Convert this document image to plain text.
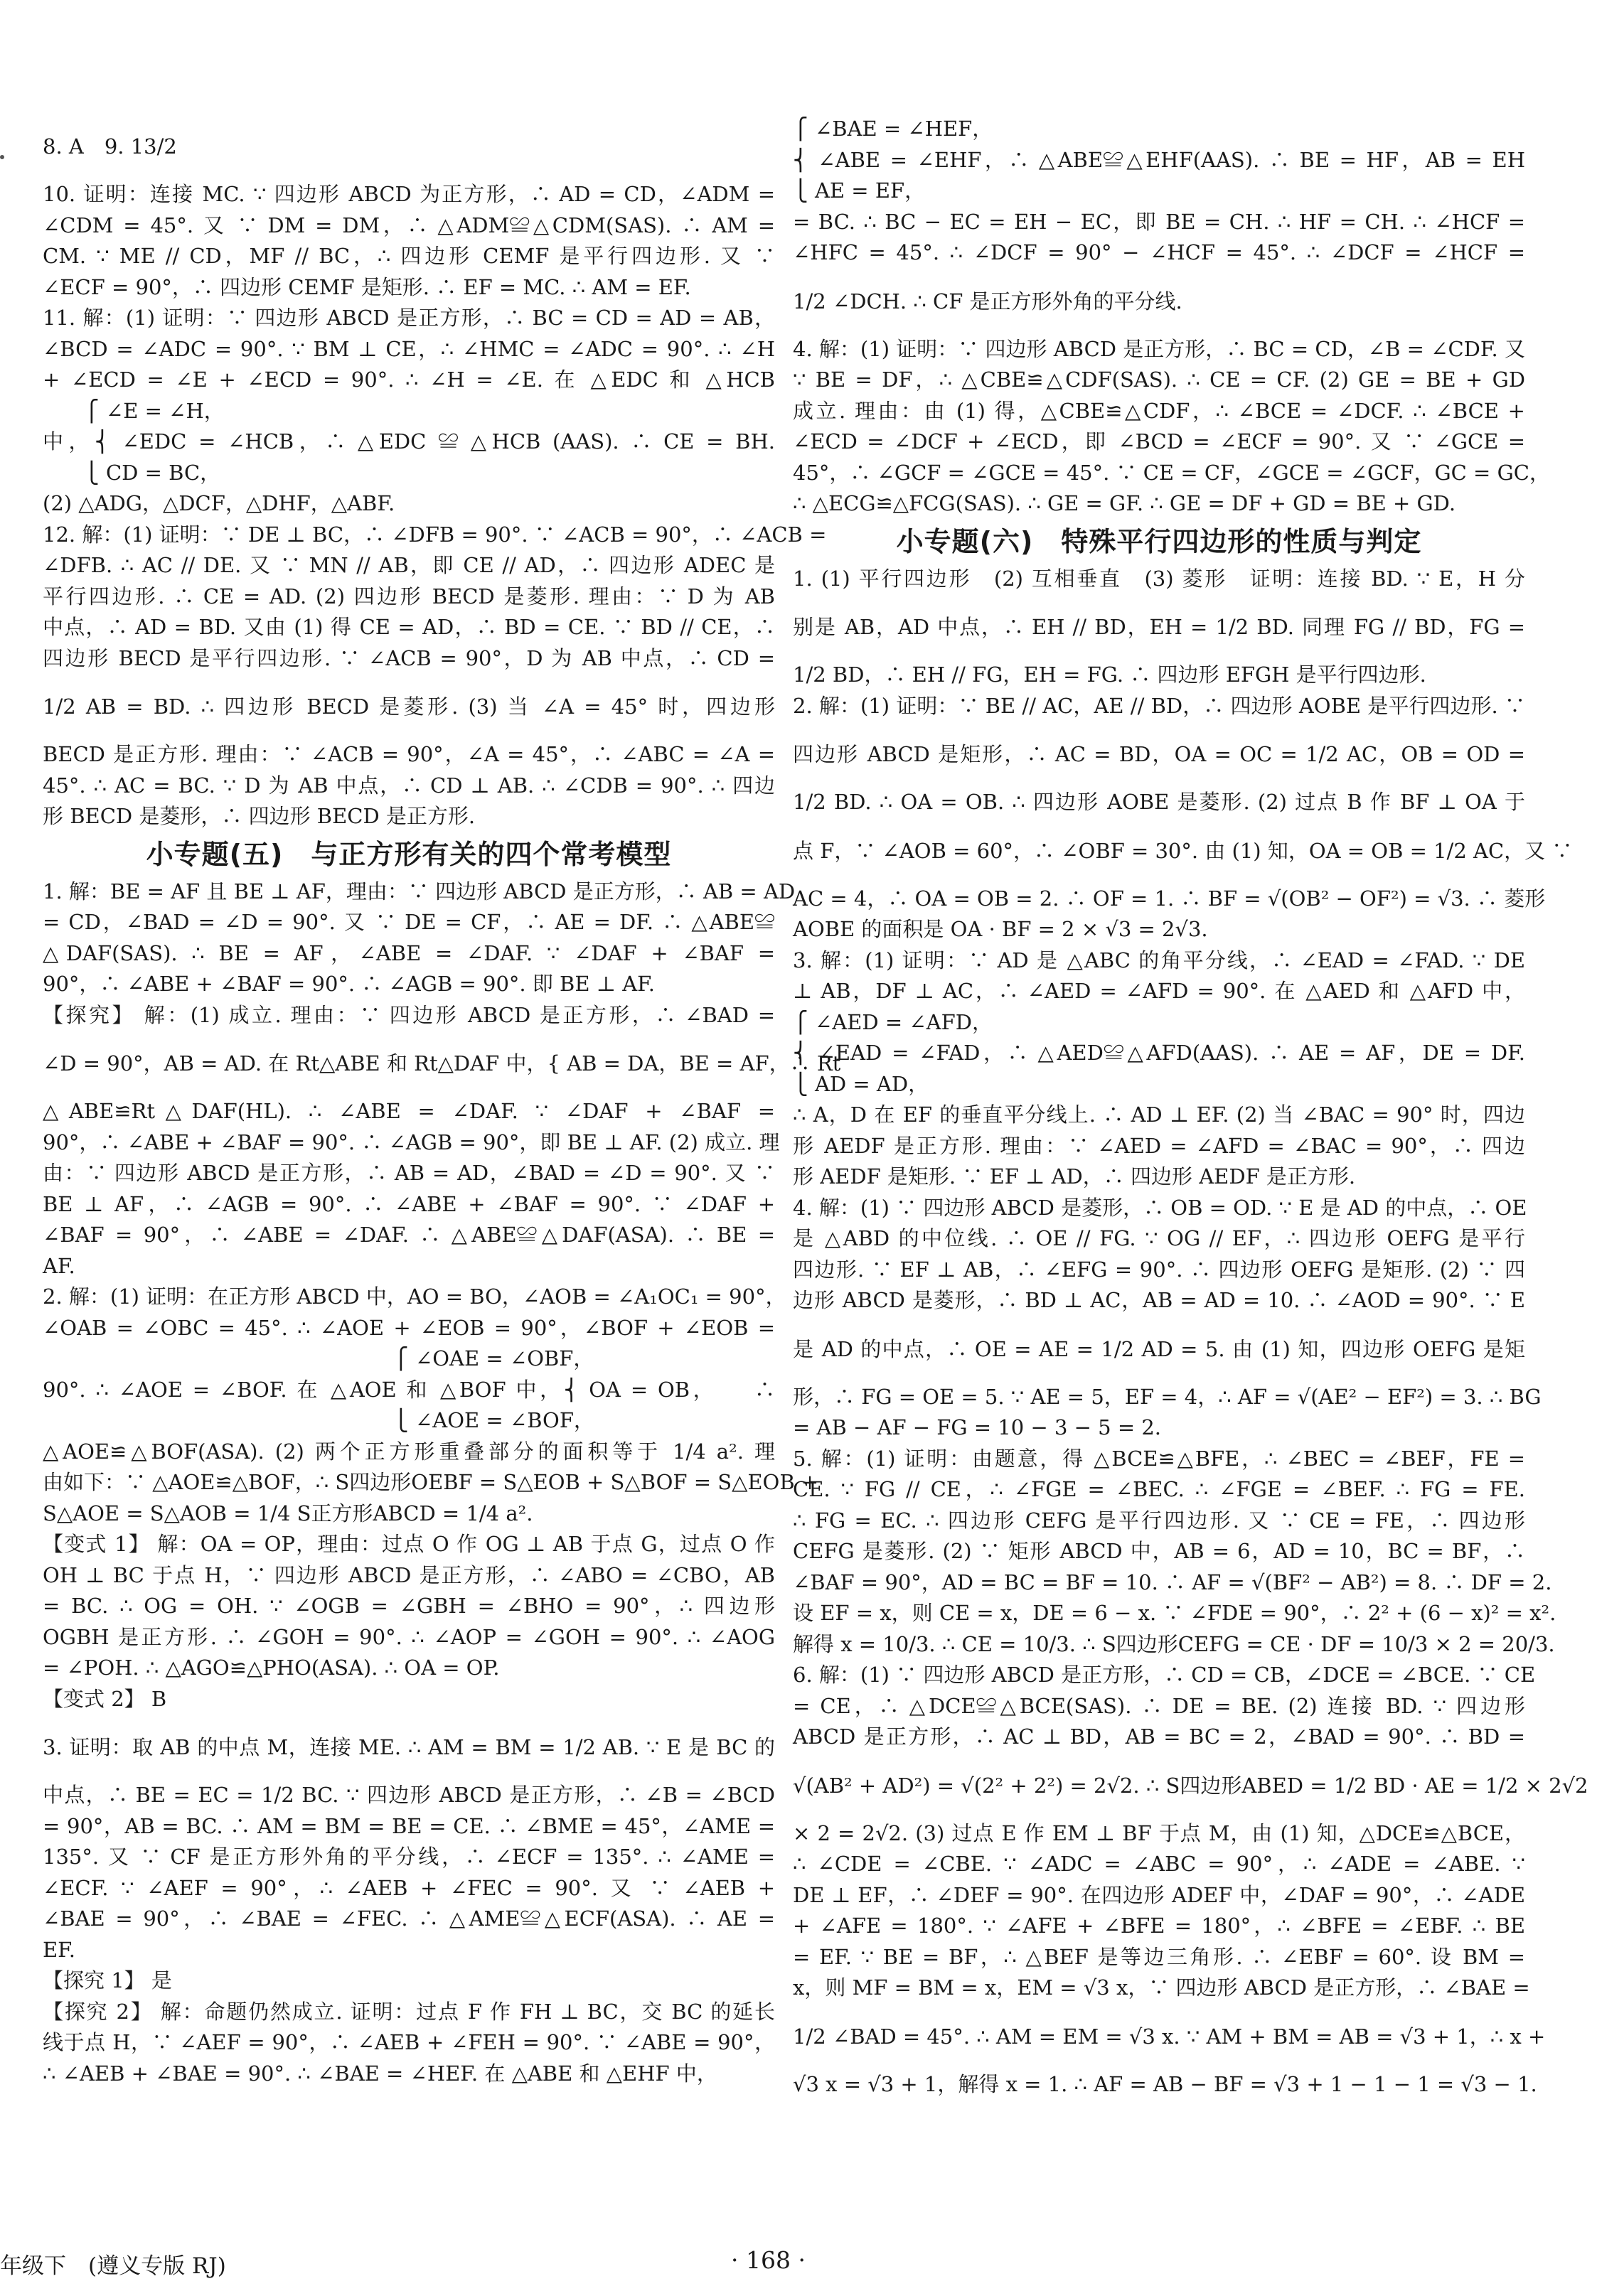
8. A　9. 13/2
10. 证明：连接 MC. ∵ 四边形 ABCD 为正方形，∴ AD = CD，∠ADM =
∠CDM = 45°. 又 ∵ DM = DM，∴ △ADM≌△CDM(SAS). ∴ AM =
CM. ∵ ME // CD，MF // BC，∴ 四边形 CEMF 是平行四边形. 又 ∵
∠ECF = 90°，∴ 四边形 CEMF 是矩形. ∴ EF = MC. ∴ AM = EF.
11. 解：(1) 证明：∵ 四边形 ABCD 是正方形，∴ BC = CD = AD = AB，
∠BCD = ∠ADC = 90°. ∵ BM ⊥ CE，∴ ∠HMC = ∠ADC = 90°. ∴ ∠H
+ ∠ECD = ∠E + ∠ECD = 90°. ∴ ∠H = ∠E. 在 △EDC 和 △HCB
　　⎧ ∠E = ∠H，
中，⎨ ∠EDC = ∠HCB，∴ △EDC ≌ △HCB (AAS). ∴ CE = BH.
　　⎩ CD = BC，
(2) △ADG，△DCF，△DHF，△ABF.
12. 解：(1) 证明：∵ DE ⊥ BC，∴ ∠DFB = 90°. ∵ ∠ACB = 90°，∴ ∠ACB =
∠DFB. ∴ AC // DE. 又 ∵ MN // AB，即 CE // AD，∴ 四边形 ADEC 是
平行四边形. ∴ CE = AD. (2) 四边形 BECD 是菱形. 理由：∵ D 为 AB
中点，∴ AD = BD. 又由 (1) 得 CE = AD，∴ BD = CE. ∵ BD // CE，∴
四边形 BECD 是平行四边形. ∵ ∠ACB = 90°，D 为 AB 中点，∴ CD =
1/2 AB = BD. ∴ 四边形 BECD 是菱形. (3) 当 ∠A = 45° 时，四边形
BECD 是正方形. 理由：∵ ∠ACB = 90°，∠A = 45°，∴ ∠ABC = ∠A =
45°. ∴ AC = BC. ∵ D 为 AB 中点，∴ CD ⊥ AB. ∴ ∠CDB = 90°. ∴ 四边
形 BECD 是菱形，∴ 四边形 BECD 是正方形.
小专题(五)　与正方形有关的四个常考模型
1. 解：BE = AF 且 BE ⊥ AF，理由：∵ 四边形 ABCD 是正方形，∴ AB = AD
= CD，∠BAD = ∠D = 90°. 又 ∵ DE = CF，∴ AE = DF. ∴ △ABE≌
△DAF(SAS). ∴ BE = AF，∠ABE = ∠DAF. ∵ ∠DAF + ∠BAF =
90°，∴ ∠ABE + ∠BAF = 90°. ∴ ∠AGB = 90°. 即 BE ⊥ AF.
【探究】 解：(1) 成立. 理由：∵ 四边形 ABCD 是正方形，∴ ∠BAD =
∠D = 90°，AB = AD. 在 Rt△ABE 和 Rt△DAF 中，{ AB = DA，BE = AF，∴ Rt
△ABE≌Rt△DAF(HL). ∴ ∠ABE = ∠DAF. ∵ ∠DAF + ∠BAF =
90°，∴ ∠ABE + ∠BAF = 90°. ∴ ∠AGB = 90°，即 BE ⊥ AF. (2) 成立. 理
由：∵ 四边形 ABCD 是正方形，∴ AB = AD，∠BAD = ∠D = 90°. 又 ∵
BE ⊥ AF，∴ ∠AGB = 90°. ∴ ∠ABE + ∠BAF = 90°. ∵ ∠DAF +
∠BAF = 90°，∴ ∠ABE = ∠DAF. ∴ △ABE≌△DAF(ASA). ∴ BE =
AF.
2. 解：(1) 证明：在正方形 ABCD 中，AO = BO，∠AOB = ∠A₁OC₁ = 90°，
∠OAB = ∠OBC = 45°. ∴ ∠AOE + ∠EOB = 90°，∠BOF + ∠EOB =
　　　　　　　　　　　　　　　　　⎧ ∠OAE = ∠OBF，
90°. ∴ ∠AOE = ∠BOF. 在 △AOE 和 △BOF 中，⎨ OA = OB，　　∴
　　　　　　　　　　　　　　　　　⎩ ∠AOE = ∠BOF，
△AOE≌△BOF(ASA). (2) 两个正方形重叠部分的面积等于 1/4 a². 理
由如下：∵ △AOE≌△BOF，∴ S四边形OEBF = S△EOB + S△BOF = S△EOB +
S△AOE = S△AOB = 1/4 S正方形ABCD = 1/4 a².
【变式 1】 解：OA = OP，理由：过点 O 作 OG ⊥ AB 于点 G，过点 O 作
OH ⊥ BC 于点 H，∵ 四边形 ABCD 是正方形，∴ ∠ABO = ∠CBO，AB
= BC. ∴ OG = OH. ∵ ∠OGB = ∠GBH = ∠BHO = 90°，∴ 四边形
OGBH 是正方形. ∴ ∠GOH = 90°. ∴ ∠AOP = ∠GOH = 90°. ∴ ∠AOG
= ∠POH. ∴ △AGO≌△PHO(ASA). ∴ OA = OP.
【变式 2】 B
3. 证明：取 AB 的中点 M，连接 ME. ∴ AM = BM = 1/2 AB. ∵ E 是 BC 的
中点，∴ BE = EC = 1/2 BC. ∵ 四边形 ABCD 是正方形，∴ ∠B = ∠BCD
= 90°，AB = BC. ∴ AM = BM = BE = CE. ∴ ∠BME = 45°，∠AME =
135°. 又 ∵ CF 是正方形外角的平分线，∴ ∠ECF = 135°. ∴ ∠AME =
∠ECF. ∵ ∠AEF = 90°，∴ ∠AEB + ∠FEC = 90°. 又 ∵ ∠AEB +
∠BAE = 90°，∴ ∠BAE = ∠FEC. ∴ △AME≌△ECF(ASA). ∴ AE =
EF.
【探究 1】 是
【探究 2】 解：命题仍然成立. 证明：过点 F 作 FH ⊥ BC，交 BC 的延长
线于点 H，∵ ∠AEF = 90°，∴ ∠AEB + ∠FEH = 90°. ∵ ∠ABE = 90°，
∴ ∠AEB + ∠BAE = 90°. ∴ ∠BAE = ∠HEF. 在 △ABE 和 △EHF 中，
⎧ ∠BAE = ∠HEF，
⎨ ∠ABE = ∠EHF，∴ △ABE≌△EHF(AAS). ∴ BE = HF，AB = EH
⎩ AE = EF，
= BC. ∴ BC − EC = EH − EC，即 BE = CH. ∴ HF = CH. ∴ ∠HCF =
∠HFC = 45°. ∴ ∠DCF = 90° − ∠HCF = 45°. ∴ ∠DCF = ∠HCF =
1/2 ∠DCH. ∴ CF 是正方形外角的平分线.
4. 解：(1) 证明：∵ 四边形 ABCD 是正方形，∴ BC = CD，∠B = ∠CDF. 又
∵ BE = DF，∴ △CBE≌△CDF(SAS). ∴ CE = CF. (2) GE = BE + GD
成立. 理由：由 (1) 得，△CBE≌△CDF，∴ ∠BCE = ∠DCF. ∴ ∠BCE +
∠ECD = ∠DCF + ∠ECD，即 ∠BCD = ∠ECF = 90°. 又 ∵ ∠GCE =
45°，∴ ∠GCF = ∠GCE = 45°. ∵ CE = CF，∠GCE = ∠GCF，GC = GC，
∴ △ECG≌△FCG(SAS). ∴ GE = GF. ∴ GE = DF + GD = BE + GD.
小专题(六)　特殊平行四边形的性质与判定
1. (1) 平行四边形　(2) 互相垂直　(3) 菱形　证明：连接 BD. ∵ E，H 分
别是 AB，AD 中点，∴ EH // BD，EH = 1/2 BD. 同理 FG // BD，FG =
1/2 BD，∴ EH // FG，EH = FG. ∴ 四边形 EFGH 是平行四边形.
2. 解：(1) 证明：∵ BE // AC，AE // BD，∴ 四边形 AOBE 是平行四边形. ∵
四边形 ABCD 是矩形，∴ AC = BD，OA = OC = 1/2 AC，OB = OD =
1/2 BD. ∴ OA = OB. ∴ 四边形 AOBE 是菱形. (2) 过点 B 作 BF ⊥ OA 于
点 F，∵ ∠AOB = 60°，∴ ∠OBF = 30°. 由 (1) 知，OA = OB = 1/2 AC，又 ∵
AC = 4，∴ OA = OB = 2. ∴ OF = 1. ∴ BF = √(OB² − OF²) = √3. ∴ 菱形
AOBE 的面积是 OA · BF = 2 × √3 = 2√3.
3. 解：(1) 证明：∵ AD 是 △ABC 的角平分线，∴ ∠EAD = ∠FAD. ∵ DE
⊥ AB，DF ⊥ AC，∴ ∠AED = ∠AFD = 90°. 在 △AED 和 △AFD 中，
⎧ ∠AED = ∠AFD，
⎨ ∠EAD = ∠FAD，∴ △AED≌△AFD(AAS). ∴ AE = AF，DE = DF.
⎩ AD = AD，
∴ A，D 在 EF 的垂直平分线上. ∴ AD ⊥ EF. (2) 当 ∠BAC = 90° 时，四边
形 AEDF 是正方形. 理由：∵ ∠AED = ∠AFD = ∠BAC = 90°，∴ 四边
形 AEDF 是矩形. ∵ EF ⊥ AD，∴ 四边形 AEDF 是正方形.
4. 解：(1) ∵ 四边形 ABCD 是菱形，∴ OB = OD. ∵ E 是 AD 的中点，∴ OE
是 △ABD 的中位线. ∴ OE // FG. ∵ OG // EF，∴ 四边形 OEFG 是平行
四边形. ∵ EF ⊥ AB，∴ ∠EFG = 90°. ∴ 四边形 OEFG 是矩形. (2) ∵ 四
边形 ABCD 是菱形，∴ BD ⊥ AC，AB = AD = 10. ∴ ∠AOD = 90°. ∵ E
是 AD 的中点，∴ OE = AE = 1/2 AD = 5. 由 (1) 知，四边形 OEFG 是矩
形，∴ FG = OE = 5. ∵ AE = 5，EF = 4，∴ AF = √(AE² − EF²) = 3. ∴ BG
= AB − AF − FG = 10 − 3 − 5 = 2.
5. 解：(1) 证明：由题意，得 △BCE≌△BFE，∴ ∠BEC = ∠BEF，FE =
CE. ∵ FG // CE，∴ ∠FGE = ∠BEC. ∴ ∠FGE = ∠BEF. ∴ FG = FE.
∴ FG = EC. ∴ 四边形 CEFG 是平行四边形. 又 ∵ CE = FE，∴ 四边形
CEFG 是菱形. (2) ∵ 矩形 ABCD 中，AB = 6，AD = 10，BC = BF，∴
∠BAF = 90°，AD = BC = BF = 10. ∴ AF = √(BF² − AB²) = 8. ∴ DF = 2.
设 EF = x，则 CE = x，DE = 6 − x. ∵ ∠FDE = 90°，∴ 2² + (6 − x)² = x².
解得 x = 10/3. ∴ CE = 10/3. ∴ S四边形CEFG = CE · DF = 10/3 × 2 = 20/3.
6. 解：(1) ∵ 四边形 ABCD 是正方形，∴ CD = CB，∠DCE = ∠BCE. ∵ CE
= CE，∴ △DCE≌△BCE(SAS). ∴ DE = BE. (2) 连接 BD. ∵ 四边形
ABCD 是正方形，∴ AC ⊥ BD，AB = BC = 2，∠BAD = 90°. ∴ BD =
√(AB² + AD²) = √(2² + 2²) = 2√2. ∴ S四边形ABED = 1/2 BD · AE = 1/2 × 2√2
× 2 = 2√2. (3) 过点 E 作 EM ⊥ BF 于点 M，由 (1) 知，△DCE≌△BCE，
∴ ∠CDE = ∠CBE. ∵ ∠ADC = ∠ABC = 90°，∴ ∠ADE = ∠ABE. ∵
DE ⊥ EF，∴ ∠DEF = 90°. 在四边形 ADEF 中，∠DAF = 90°，∴ ∠ADE
+ ∠AFE = 180°. ∵ ∠AFE + ∠BFE = 180°，∴ ∠BFE = ∠EBF. ∴ BE
= EF. ∵ BE = BF，∴ △BEF 是等边三角形. ∴ ∠EBF = 60°. 设 BM =
x，则 MF = BM = x，EM = √3 x，∵ 四边形 ABCD 是正方形，∴ ∠BAE =
1/2 ∠BAD = 45°. ∴ AM = EM = √3 x. ∵ AM + BM = AB = √3 + 1，∴ x +
√3 x = √3 + 1，解得 x = 1. ∴ AF = AB − BF = √3 + 1 − 1 − 1 = √3 − 1.
年级下　(遵义专版 RJ)	· 168 ·
